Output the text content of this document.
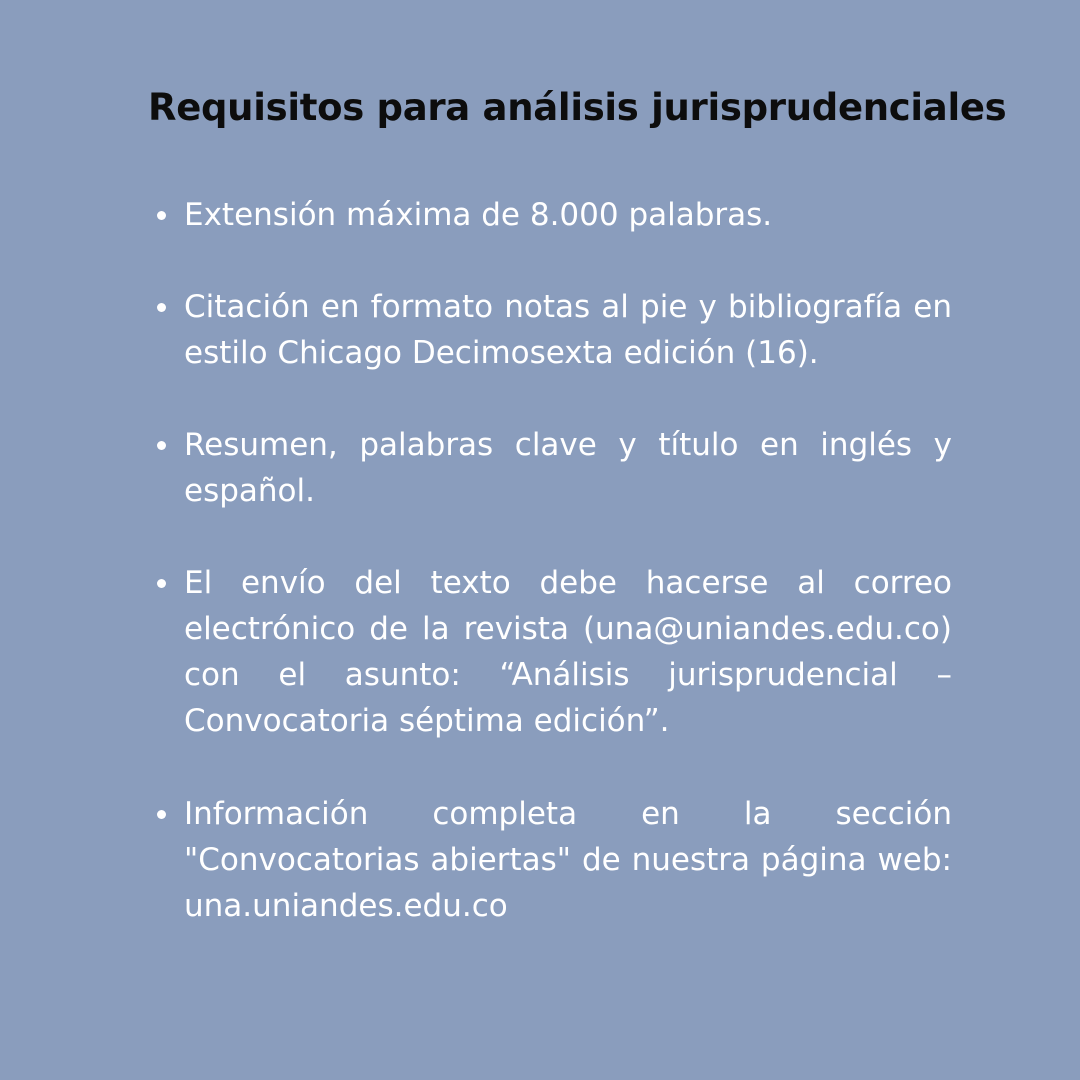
Requisitos para análisis jurisprudenciales
Extensión máxima de 8.000 palabras.
Citación en formato notas al pie y bibliografía en estilo Chicago Decimosexta edición (16).
Resumen, palabras clave y título en inglés y español.
El envío del texto debe hacerse al correo electrónico de la revista (una@uniandes.edu.co) con el asunto: “Análisis jurisprudencial – Convocatoria séptima edición”.
Información completa en la sección "Convocatorias abiertas" de nuestra página web: una.uniandes.edu.co
